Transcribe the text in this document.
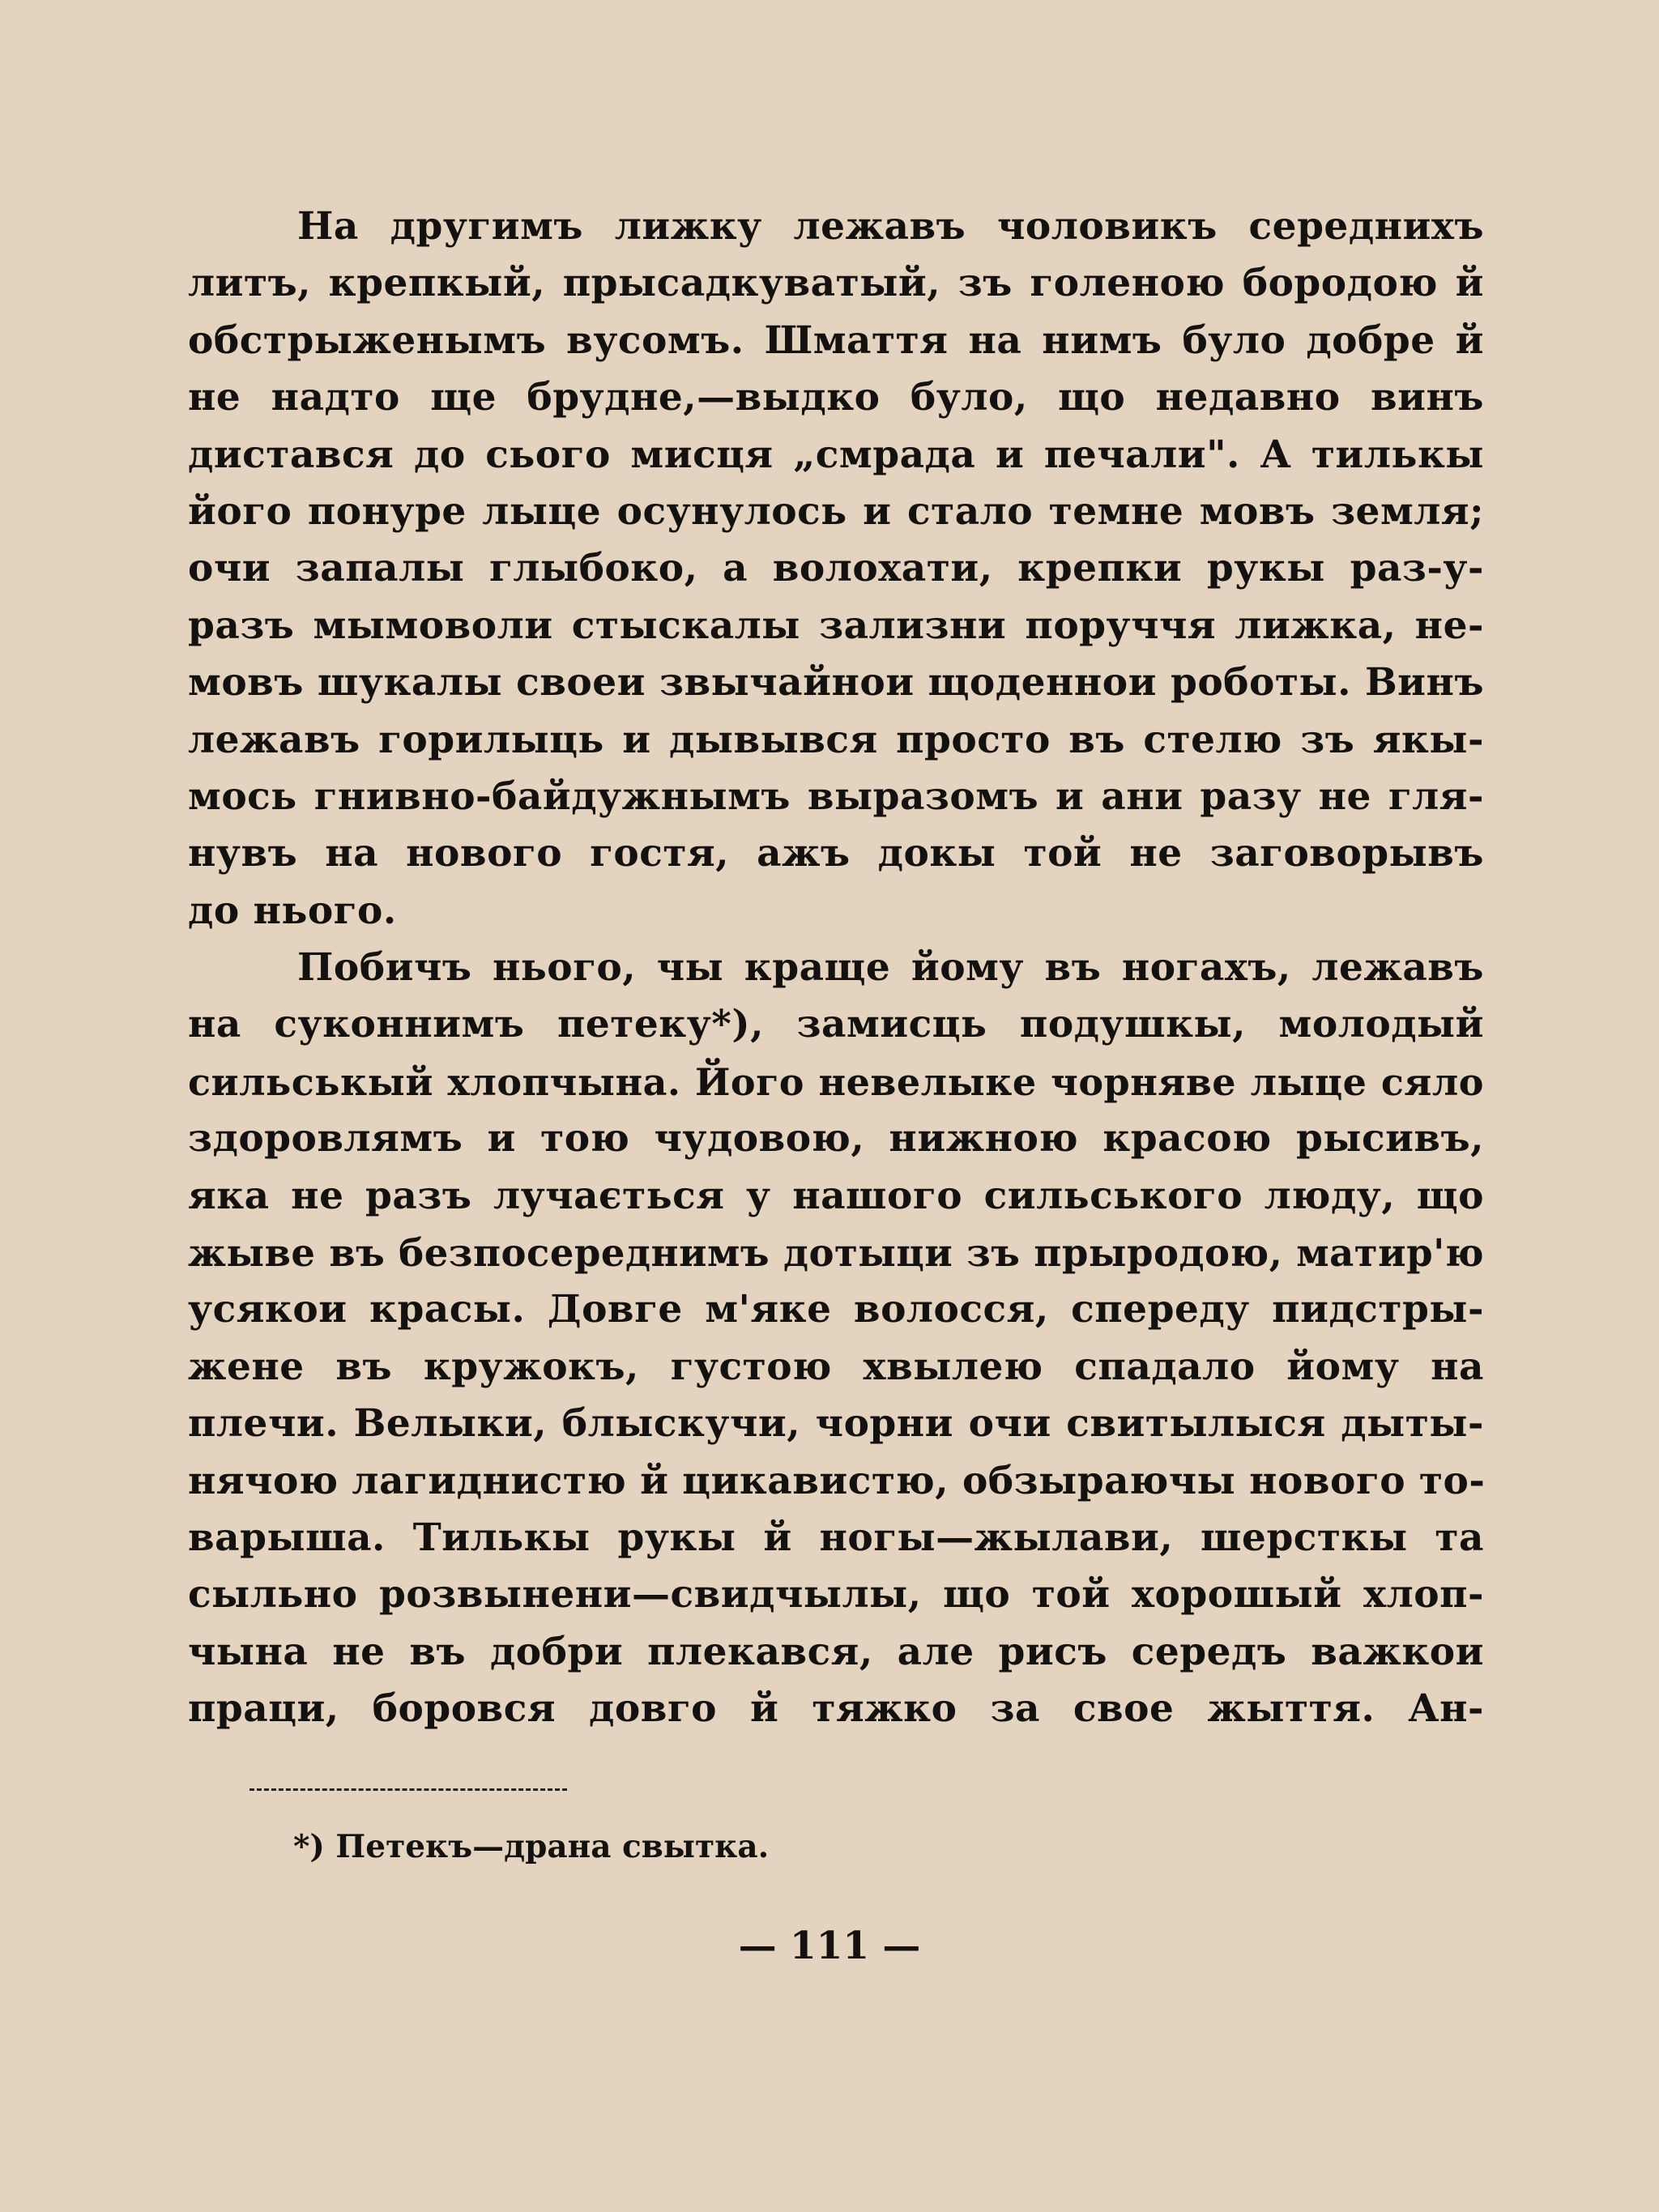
На другимъ лижку лежавъ чоловикъ середнихъ
литъ, крепкый, прысадкуватый, зъ голеною бородою й
обстрыженымъ вусомъ. Шмаття на нимъ було добре й
не надто ще брудне,—выдко було, що недавно винъ
дистався до сього мисця „смрада и печали". А тилькы
його понуре лыце осунулось и стало темне мовъ земля;
очи запалы глыбоко, а волохати, крепки рукы раз-у-
разъ мымоволи стыскалы зализни поруччя лижка, не-
мовъ шукалы своеи звычайнои щоденнои роботы. Винъ
лежавъ горилыць и дывывся просто въ стелю зъ якы-
мось гнивно-байдужнымъ выразомъ и ани разу не гля-
нувъ на нового гостя, ажъ докы той не заговорывъ
до нього.
Побичъ нього, чы краще йому въ ногахъ, лежавъ
на суконнимъ петеку*), замисць подушкы, молодый
сильськый хлопчына. Його невелыке чорняве лыце сяло
здоровлямъ и тою чудовою, нижною красою рысивъ,
яка не разъ лучається у нашого сильського люду, що
жыве въ безпосереднимъ дотыци зъ прыродою, матир'ю
усякои красы. Довге м'яке волосся, спереду пидстры-
жене въ кружокъ, густою хвылею спадало йому на
плечи. Велыки, блыскучи, чорни очи свитылыся дыты-
нячою лагиднистю й цикавистю, обзыраючы нового то-
варыша. Тилькы рукы й ногы—жылави, шерсткы та
сыльно розвынени—свидчылы, що той хорошый хлоп-
чына не въ добри плекався, але рисъ середъ важкои
праци, боровся довго й тяжко за свое жыття. Ан-
*) Петекъ—драна свытка.
— 111 —
